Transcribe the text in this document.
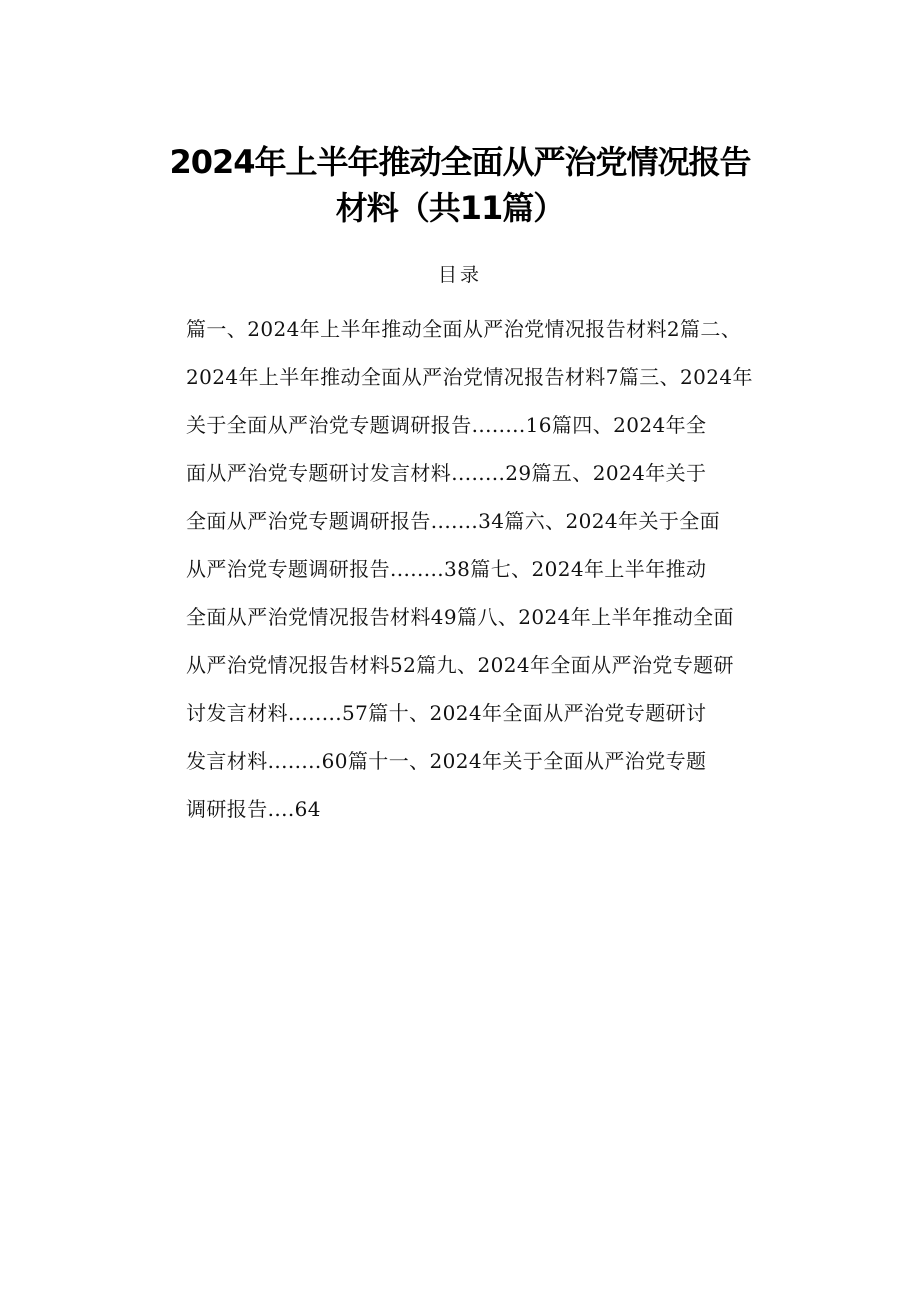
2024年上半年推动全面从严治党情况报告
材料（共11篇）
目录
篇一、2024年上半年推动全面从严治党情况报告材料2篇二、
2024年上半年推动全面从严治党情况报告材料7篇三、2024年
关于全面从严治党专题调研报告........16篇四、2024年全
面从严治党专题研讨发言材料........29篇五、2024年关于
全面从严治党专题调研报告.......34篇六、2024年关于全面
从严治党专题调研报告........38篇七、2024年上半年推动
全面从严治党情况报告材料49篇八、2024年上半年推动全面
从严治党情况报告材料52篇九、2024年全面从严治党专题研
讨发言材料........57篇十、2024年全面从严治党专题研讨
发言材料........60篇十一、2024年关于全面从严治党专题
调研报告....64
